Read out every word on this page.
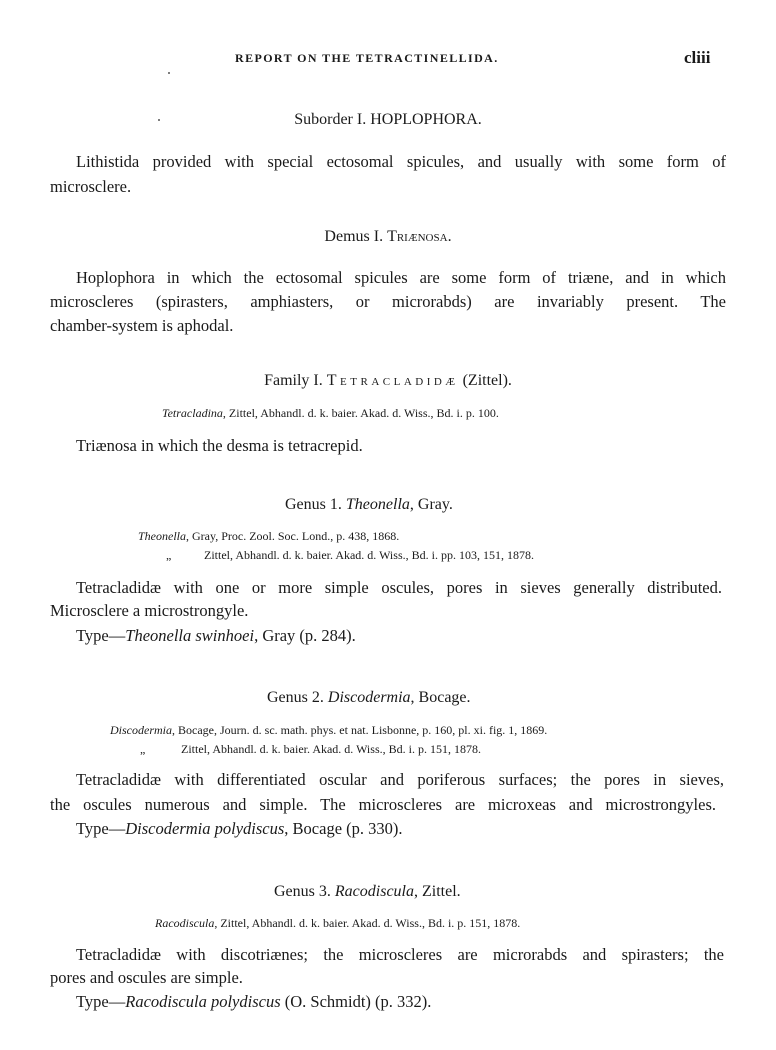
REPORT ON THE TETRACTINELLIDA.	cliii
Suborder I. HOPLOPHORA.
Lithistida provided with special ectosomal spicules, and usually with some form of
microsclere.
Demus I. Triænosa.
Hoplophora in which the ectosomal spicules are some form of triæne, and in which
microscleres (spirasters, amphiasters, or microrabds) are invariably present. The
chamber-system is aphodal.
Family I. Tetracladidæ (Zittel).
Tetracladina, Zittel, Abhandl. d. k. baier. Akad. d. Wiss., Bd. i. p. 100.
Triænosa in which the desma is tetracrepid.
Genus 1. Theonella, Gray.
Theonella, Gray, Proc. Zool. Soc. Lond., p. 438, 1868.
„	Zittel, Abhandl. d. k. baier. Akad. d. Wiss., Bd. i. pp. 103, 151, 1878.
Tetracladidæ with one or more simple oscules, pores in sieves generally distributed.
Microsclere a microstrongyle.
Type—Theonella swinhoei, Gray (p. 284).
Genus 2. Discodermia, Bocage.
Discodermia, Bocage, Journ. d. sc. math. phys. et nat. Lisbonne, p. 160, pl. xi. fig. 1, 1869.
„	Zittel, Abhandl. d. k. baier. Akad. d. Wiss., Bd. i. p. 151, 1878.
Tetracladidæ with differentiated oscular and poriferous surfaces; the pores in sieves,
the oscules numerous and simple. The microscleres are microxeas and microstrongyles.
Type—Discodermia polydiscus, Bocage (p. 330).
Genus 3. Racodiscula, Zittel.
Racodiscula, Zittel, Abhandl. d. k. baier. Akad. d. Wiss., Bd. i. p. 151, 1878.
Tetracladidæ with discotriænes; the microscleres are microrabds and spirasters; the
pores and oscules are simple.
Type—Racodiscula polydiscus (O. Schmidt) (p. 332).
